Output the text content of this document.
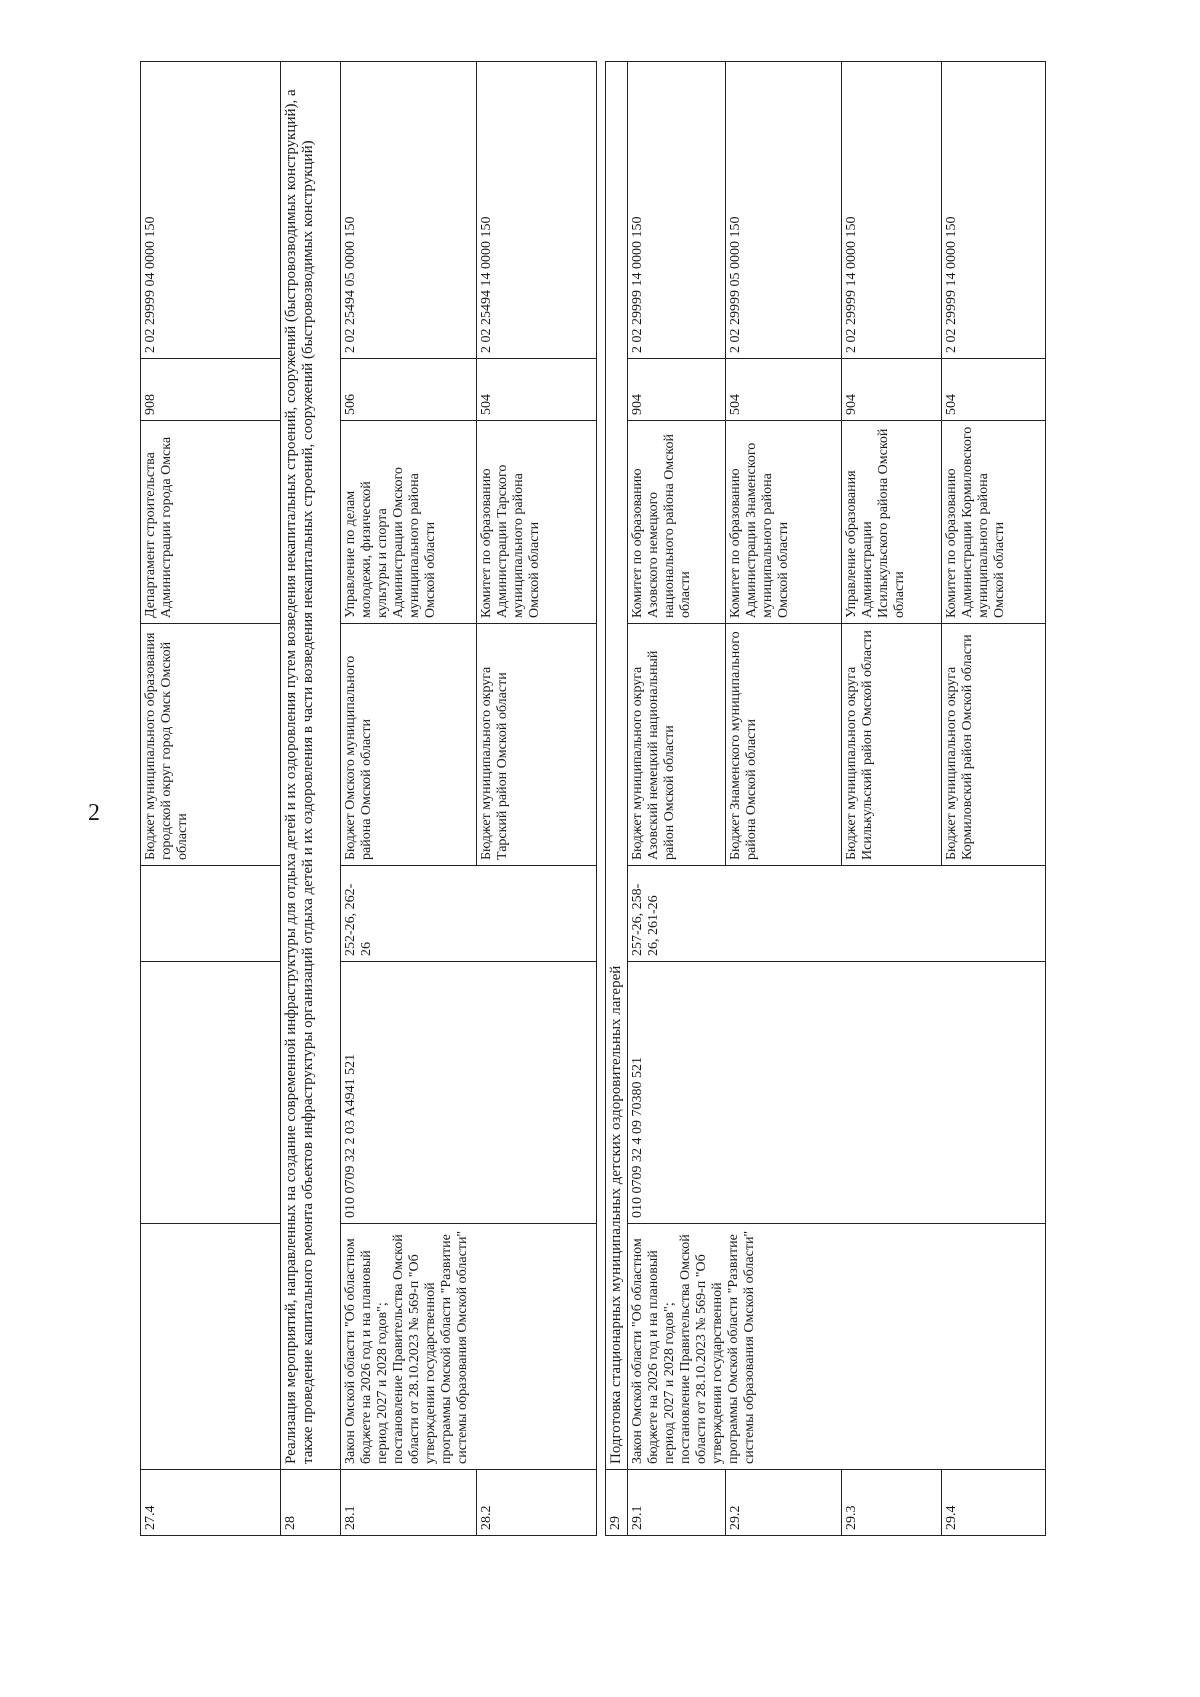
2
27.4				Бюджет муниципального образования городской округ город Омск Омской области	Департамент строительства Администрации города Омска	908	2 02 29999 04 0000 150
28	Реализация мероприятий, направленных на создание современной инфраструктуры для отдыха детей и их оздоровления путем возведения некапитальных строений, сооружений (быстровозводимых конструкций), а также проведение капитального ремонта объектов инфраструктуры организаций отдыха детей и их оздоровления в части возведения некапитальных строений, сооружений (быстровозводимых конструкций)						
28.1	Закон Омской области "Об областном бюджете на 2026 год и на плановый период 2027 и 2028 годов"; постановление Правительства Омской области от 28.10.2023 № 569-п "Об утверждении государственной программы Омской области "Развитие системы образования Омской области"	010 0709 32 2 03 А4941 521	252-26, 262-26	Бюджет Омского муниципального района Омской области	Управление по делам молодежи, физической культуры и спорта Администрации Омского муниципального района Омской области	506	2 02 25494 05 0000 150
28.2				Бюджет муниципального округа Тарский район Омской области	Комитет по образованию Администрации Тарского муниципального района Омской области	504	2 02 25494 14 0000 150

29	Подготовка стационарных муниципальных детских оздоровительных лагерей						
29.1	Закон Омской области "Об областном бюджете на 2026 год и на плановый период 2027 и 2028 годов"; постановление Правительства Омской области от 28.10.2023 № 569-п "Об утверждении государственной программы Омской области "Развитие системы образования Омской области"	010 0709 32 4 09 70380 521	257-26, 258-26, 261-26	Бюджет муниципального округа Азовский немецкий национальный район Омской области	Комитет по образованию Азовского немецкого национального района Омской области	904	2 02 29999 14 0000 150
29.2				Бюджет Знаменского муниципального района Омской области	Комитет по образованию Администрации Знаменского муниципального района Омской области	504	2 02 29999 05 0000 150
29.3				Бюджет муниципального округа Исилькульский район Омской области	Управление образования Администрации Исилькульского района Омской области	904	2 02 29999 14 0000 150
29.4				Бюджет муниципального округа Кормиловский район Омской области	Комитет по образованию Администрации Кормиловского муниципального района Омской области	504	2 02 29999 14 0000 150
